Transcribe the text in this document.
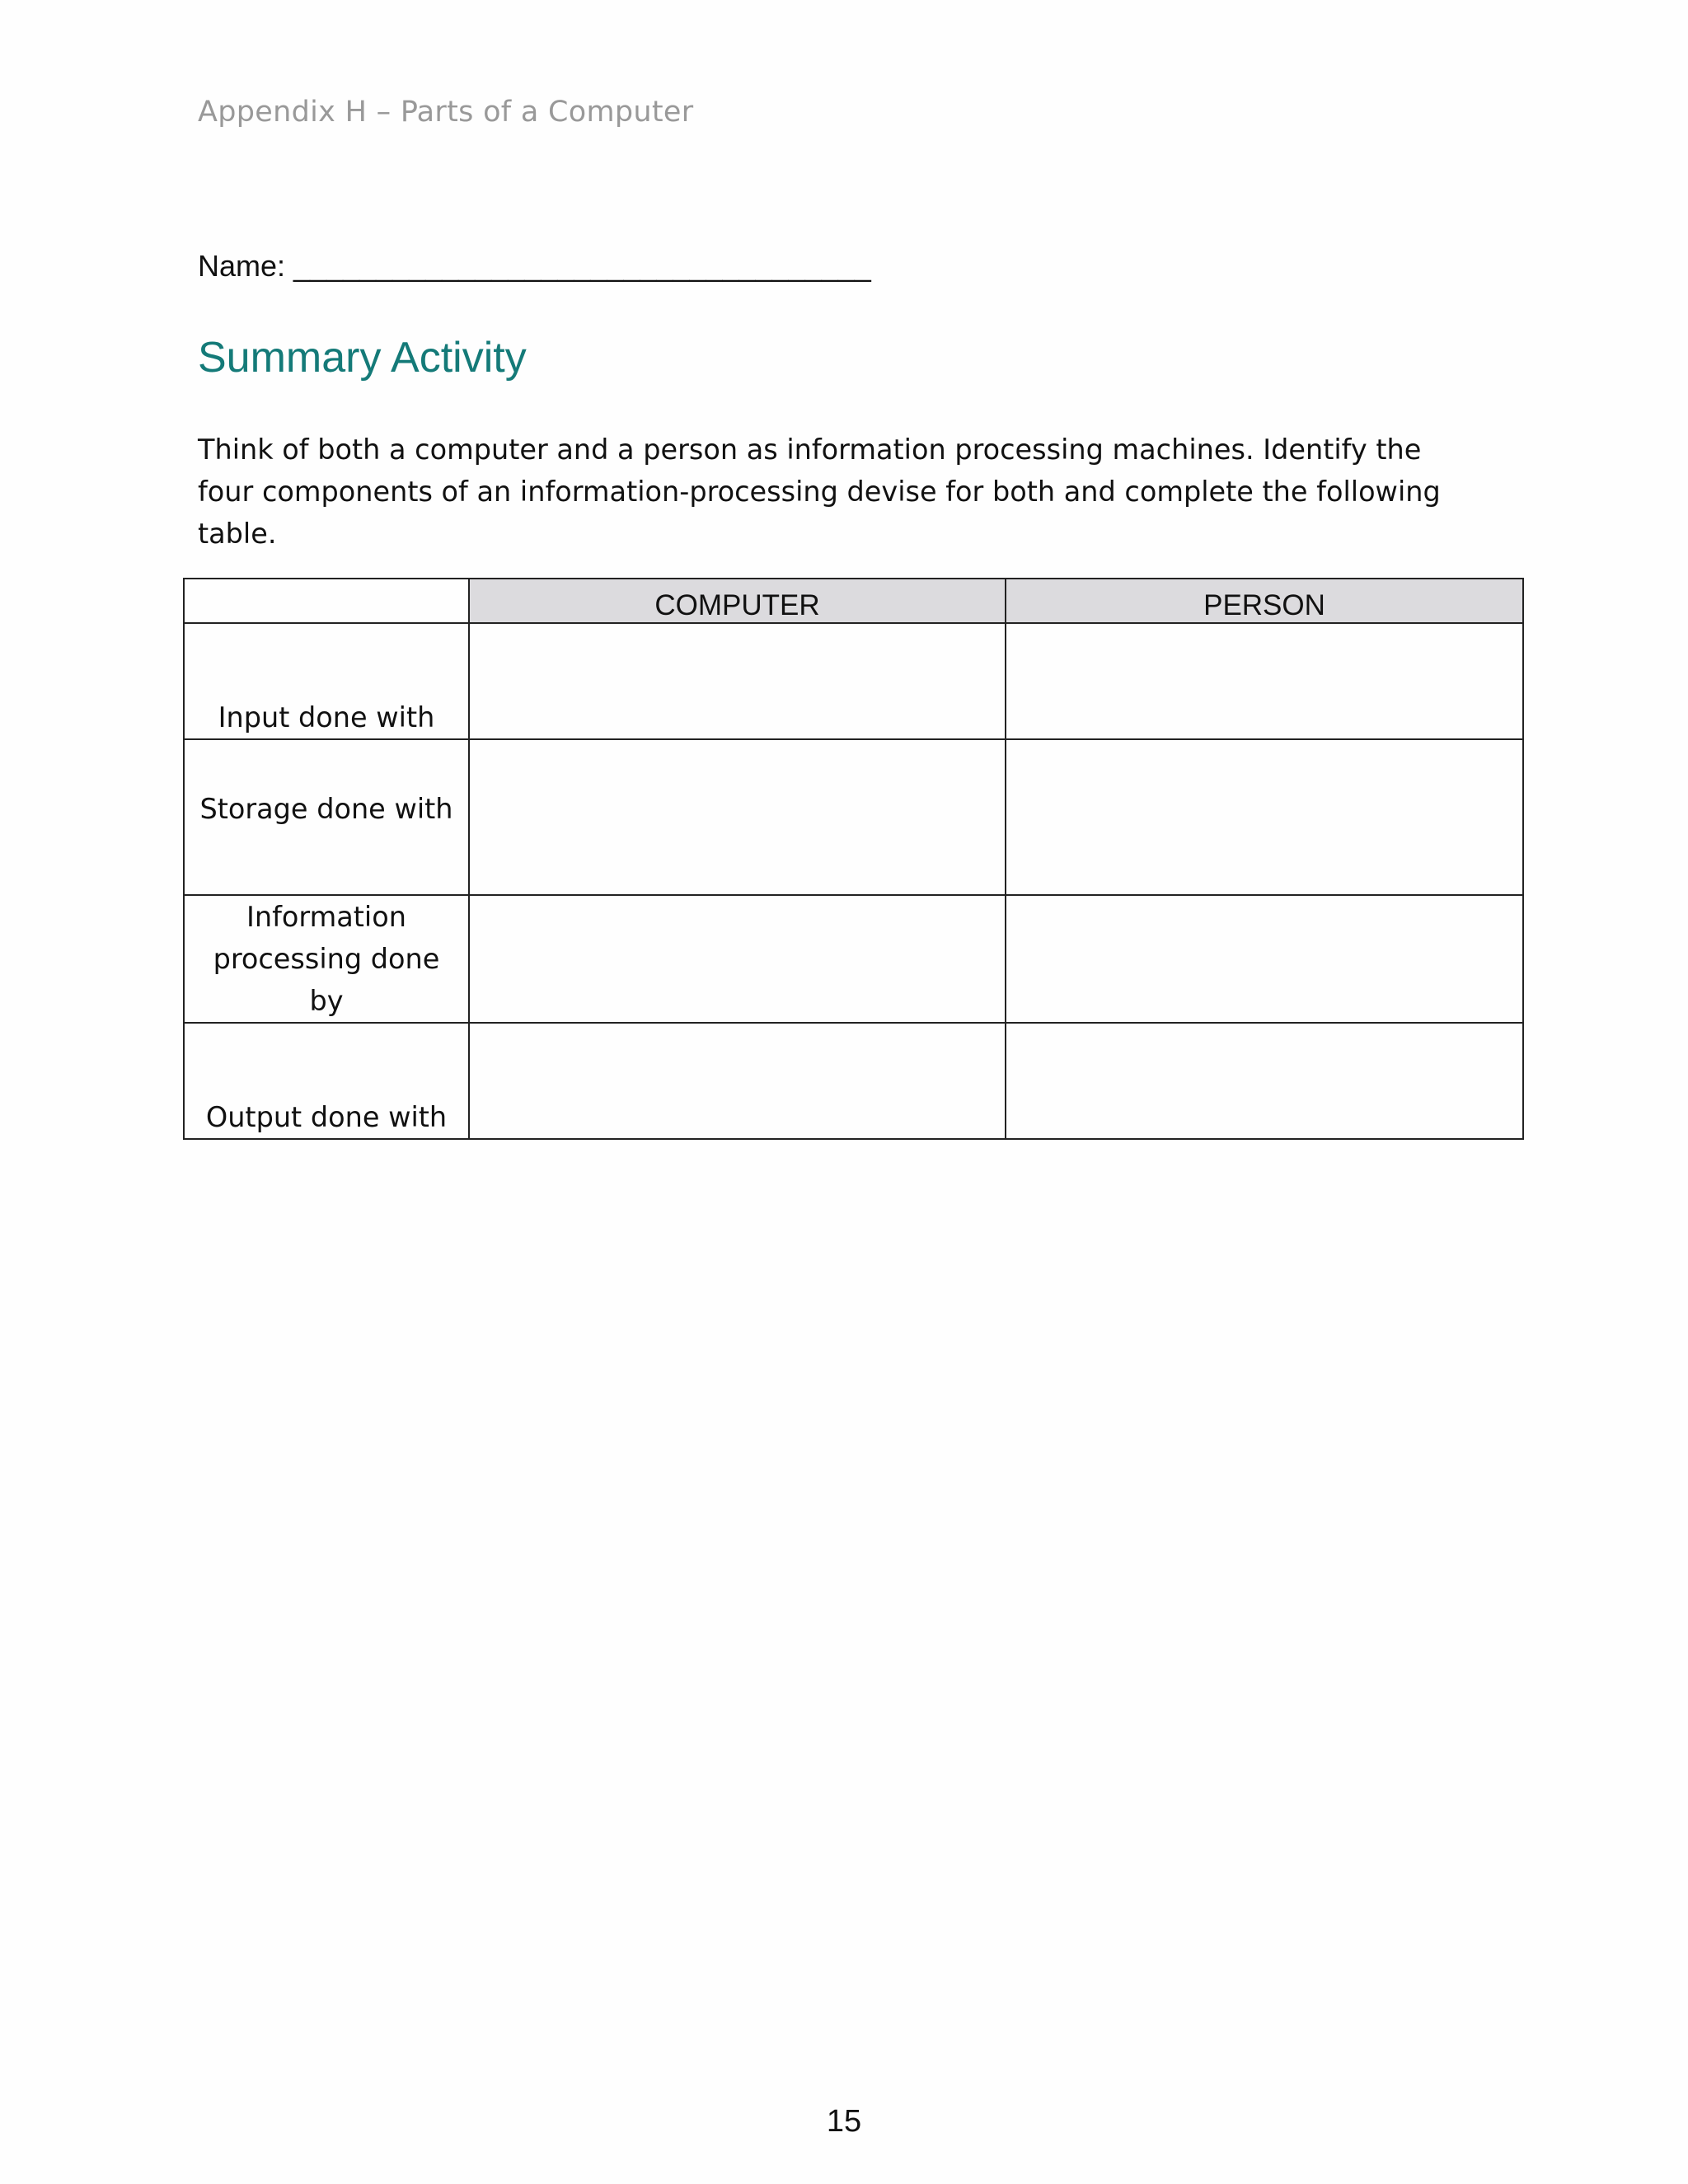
Appendix H – Parts of a Computer
Name: ___________________________________
Summary Activity
Think of both a computer and a person as information processing machines. Identify the four components of an information-processing devise for both and complete the following table.
	COMPUTER	PERSON
Input done with		
Storage done with		
Information processing done by		
Output done with		
15
